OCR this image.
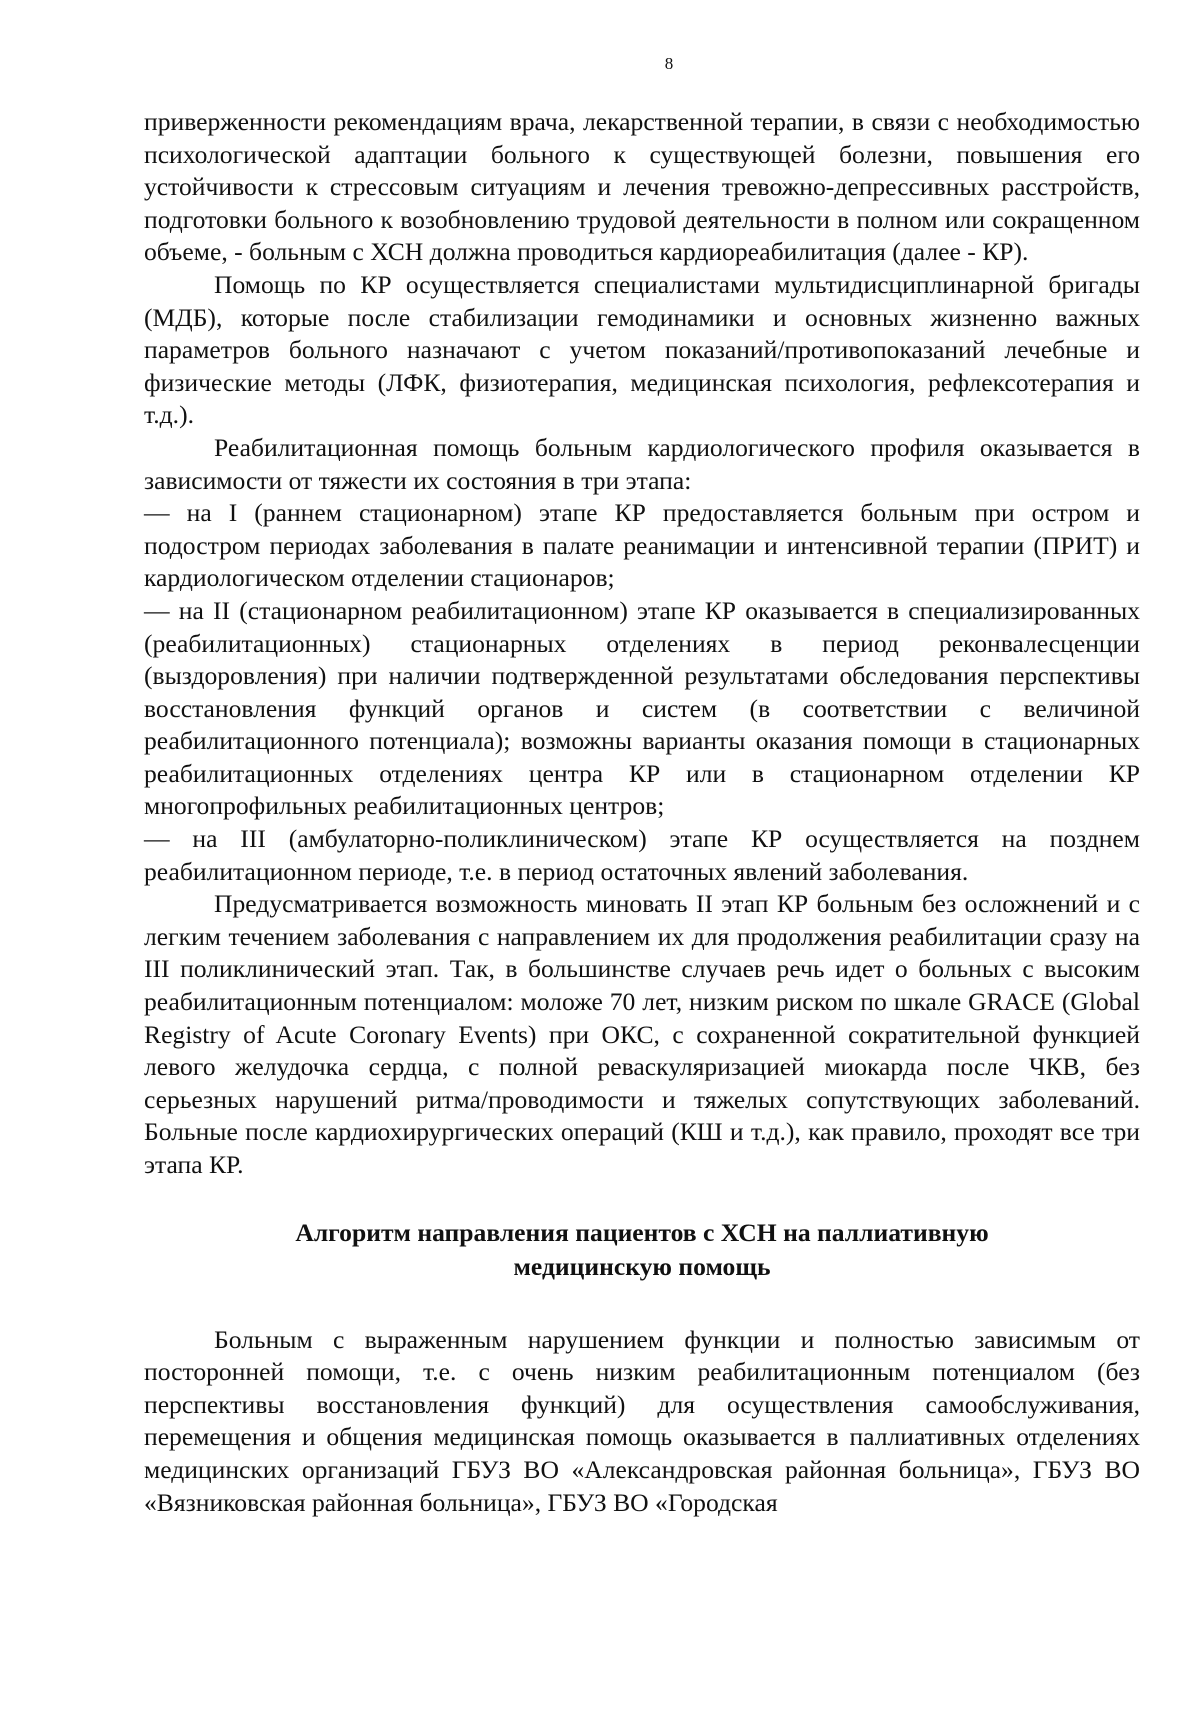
8

приверженности рекомендациям врача, лекарственной терапии, в связи с необходимостью психологической адаптации больного к существующей болезни, повышения его устойчивости к стрессовым ситуациям и лечения тревожно-депрессивных расстройств, подготовки больного к возобновлению трудовой деятельности в полном или сокращенном объеме, - больным с ХСН должна проводиться кардиореабилитация (далее - КР).

Помощь по КР осуществляется специалистами мультидисциплинарной бригады (МДБ), которые после стабилизации гемодинамики и основных жизненно важных параметров больного назначают с учетом показаний/противопоказаний лечебные и физические методы (ЛФК, физиотерапия, медицинская психология, рефлексотерапия и т.д.).

Реабилитационная помощь больным кардиологического профиля оказывается в зависимости от тяжести их состояния в три этапа:

— на I (раннем стационарном) этапе КР предоставляется больным при остром и подостром периодах заболевания в палате реанимации и интенсивной терапии (ПРИТ) и кардиологическом отделении стационаров;

— на II (стационарном реабилитационном) этапе КР оказывается в специализированных (реабилитационных) стационарных отделениях в период реконвалесценции (выздоровления) при наличии подтвержденной результатами обследования перспективы восстановления функций органов и систем (в соответствии с величиной реабилитационного потенциала); возможны варианты оказания помощи в стационарных реабилитационных отделениях центра КР или в стационарном отделении КР многопрофильных реабилитационных центров;

— на III (амбулаторно-поликлиническом) этапе КР осуществляется на позднем реабилитационном периоде, т.е. в период остаточных явлений заболевания.

Предусматривается возможность миновать II этап КР больным без осложнений и с легким течением заболевания с направлением их для продолжения реабилитации сразу на III поликлинический этап. Так, в большинстве случаев речь идет о больных с высоким реабилитационным потенциалом: моложе 70 лет, низким риском по шкале GRACE (Global Registry of Acute Coronary Events) при ОКС, с сохраненной сократительной функцией левого желудочка сердца, с полной реваскуляризацией миокарда после ЧКВ, без серьезных нарушений ритма/проводимости и тяжелых сопутствующих заболеваний. Больные после кардиохирургических операций (КШ и т.д.), как правило, проходят все три этапа КР.

Алгоритм направления пациентов с ХСН на паллиативную
медицинскую помощь

Больным с выраженным нарушением функции и полностью зависимым от посторонней помощи, т.е. с очень низким реабилитационным потенциалом (без перспективы восстановления функций) для осуществления самообслуживания, перемещения и общения медицинская помощь оказывается в паллиативных отделениях медицинских организаций ГБУЗ ВО «Александровская районная больница», ГБУЗ ВО «Вязниковская районная больница», ГБУЗ ВО «Городская
